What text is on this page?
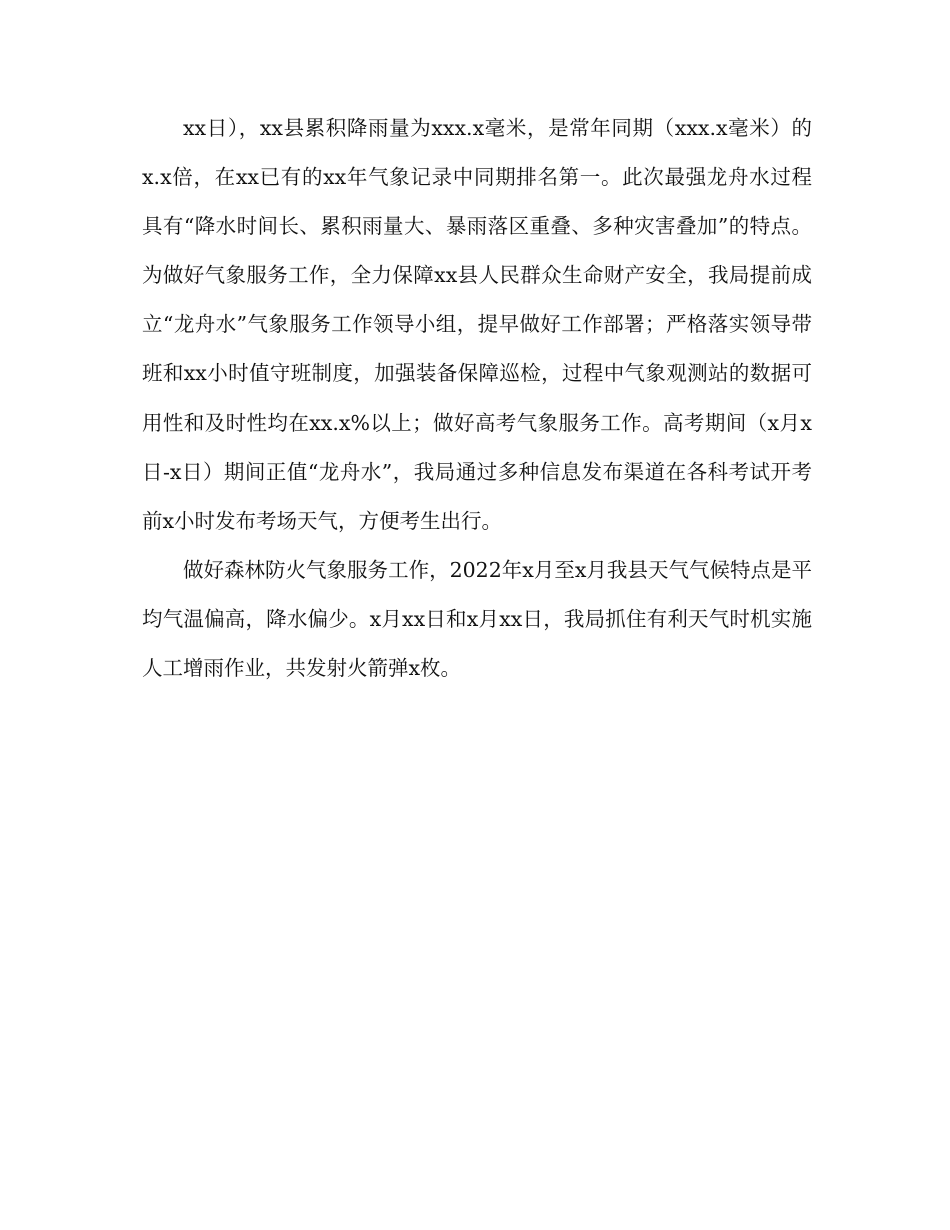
xx日），xx县累积降雨量为xxx.x毫米，是常年同期（xxx.x毫米）的x.x倍，在xx已有的xx年气象记录中同期排名第一。此次最强龙舟水过程具有“降水时间长、累积雨量大、暴雨落区重叠、多种灾害叠加”的特点。为做好气象服务工作，全力保障xx县人民群众生命财产安全，我局提前成立“龙舟水”气象服务工作领导小组，提早做好工作部署；严格落实领导带班和xx小时值守班制度，加强装备保障巡检，过程中气象观测站的数据可用性和及时性均在xx.x%以上；做好高考气象服务工作。高考期间（x月x日-x日）期间正值“龙舟水”，我局通过多种信息发布渠道在各科考试开考前x小时发布考场天气，方便考生出行。

做好森林防火气象服务工作，2022年x月至x月我县天气气候特点是平均气温偏高，降水偏少。x月xx日和x月xx日，我局抓住有利天气时机实施人工增雨作业，共发射火箭弹x枚。
